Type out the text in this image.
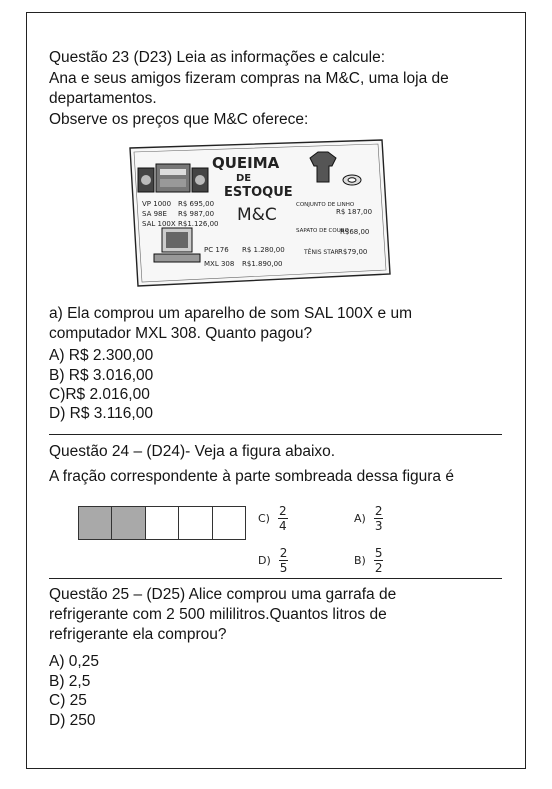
Questão 23 (D23) Leia as informações e calcule:
Ana e seus amigos fizeram compras na M&C, uma loja de
departamentos.
Observe os preços que M&C oferece:
QUEIMA
DE
ESTOQUE
M&C
VP 1000 R$ 695,00
SA 98E R$ 987,00
SAL 100X R$1.126,00
PC 176 R$ 1.280,00
MXL 308 R$1.890,00
CONJUNTO DE LINHO
R$ 187,00
SAPATO DE COURO
R$68,00
TÊNIS STAR R$79,00
a) Ela comprou um aparelho de som SAL 100X e um
computador MXL 308. Quanto pagou?
A) R$ 2.300,00
B) R$ 3.016,00
C)R$ 2.016,00
D) R$ 3.116,00
Questão 24 – (D24)- Veja a figura abaixo.
A fração correspondente à parte sombreada dessa figura é
$C) \frac{2}{4}$	$A) \frac{2}{3}$
$D) \frac{2}{5}$	$B) \frac{5}{2}$
Questão 25 – (D25) Alice comprou uma garrafa de
refrigerante com 2 500 mililitros.Quantos litros de
refrigerante ela comprou?
A) 0,25
B) 2,5
C) 25
D) 250
